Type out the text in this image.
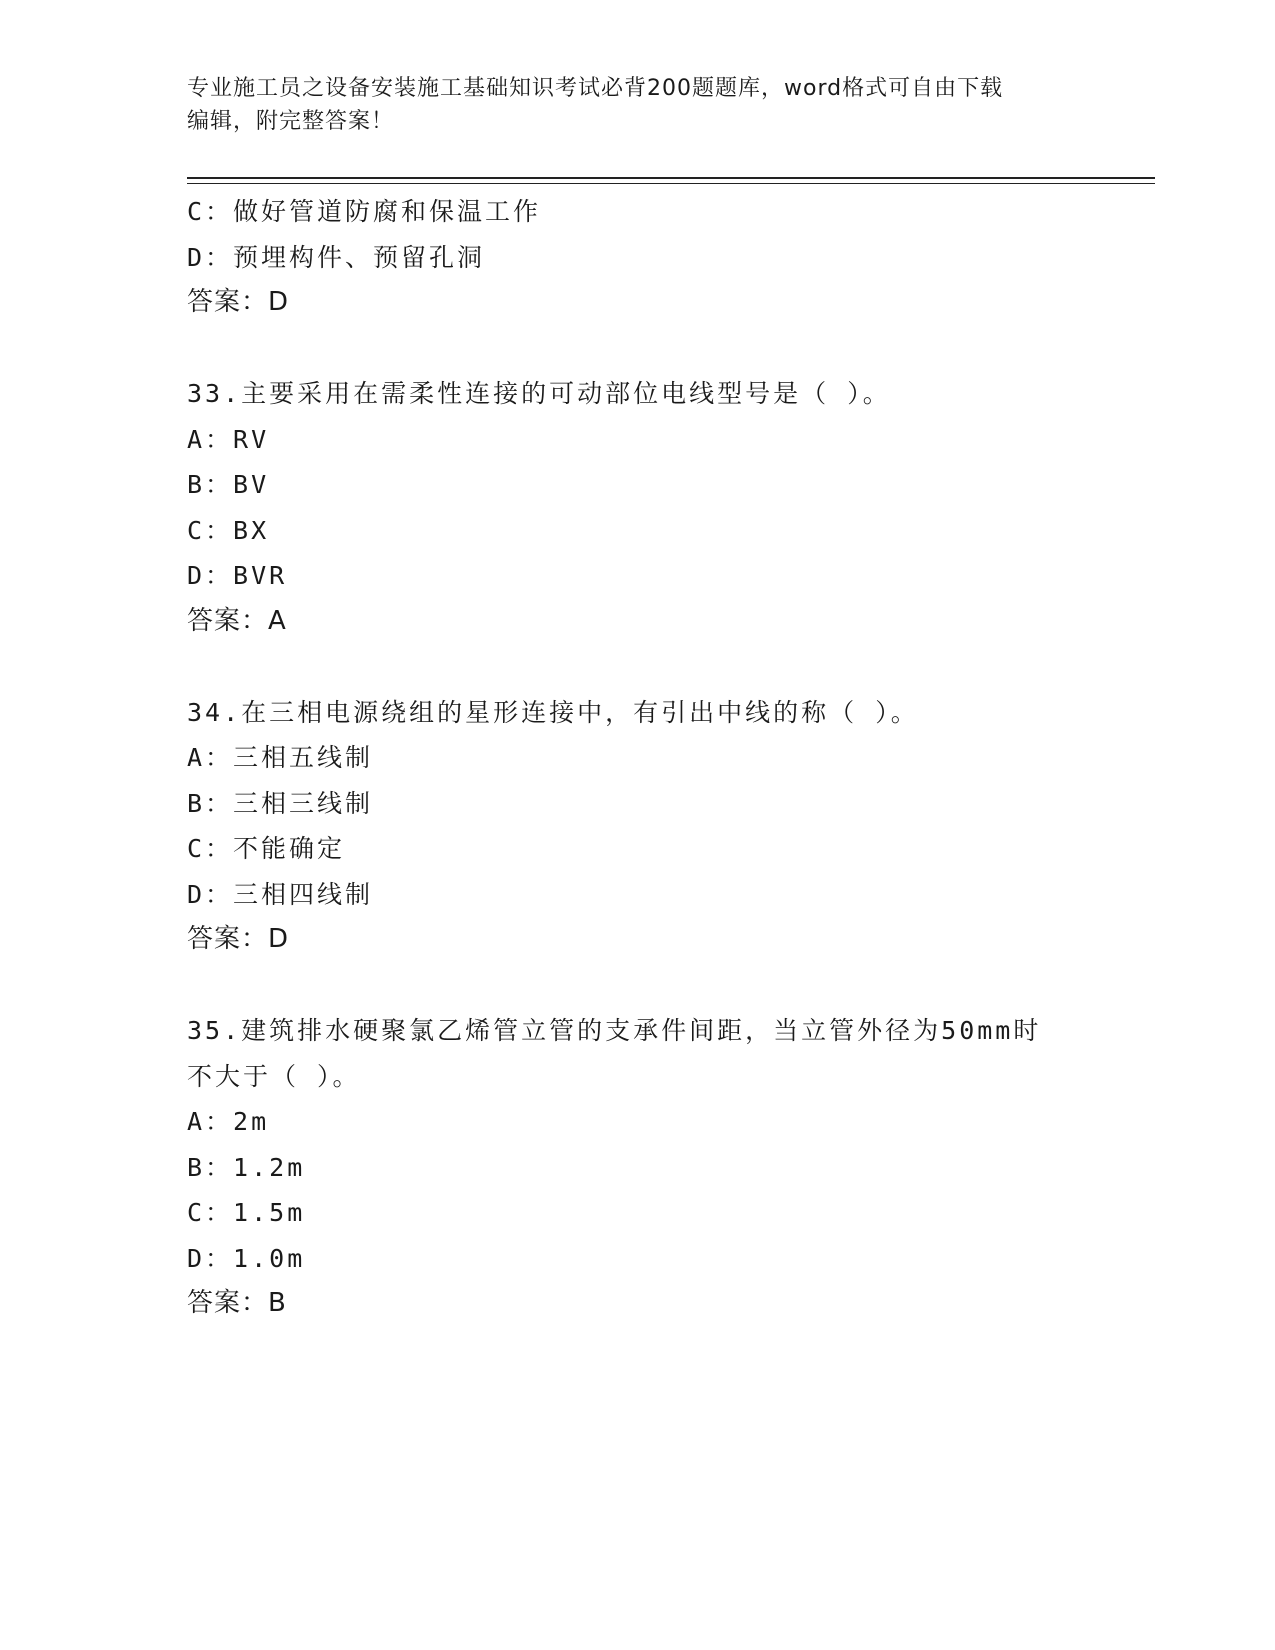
专业施工员之设备安装施工基础知识考试必背200题题库，word格式可自由下载
编辑，附完整答案！
C：做好管道防腐和保温工作
D：预埋构件、预留孔洞
答案：D
33.主要采用在需柔性连接的可动部位电线型号是（ ）。
A：RV
B：BV
C：BX
D：BVR
答案：A
34.在三相电源绕组的星形连接中，有引出中线的称（ ）。
A：三相五线制
B：三相三线制
C：不能确定
D：三相四线制
答案：D
35.建筑排水硬聚氯乙烯管立管的支承件间距，当立管外径为50mm时
不大于（ ）。
A：2m
B：1.2m
C：1.5m
D：1.0m
答案：B
